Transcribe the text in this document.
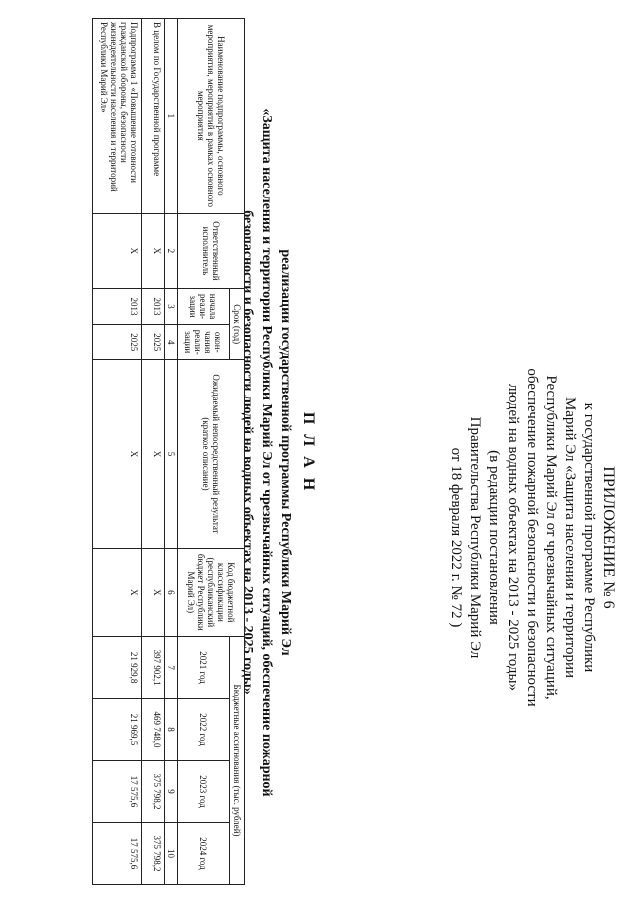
ПРИЛОЖЕНИЕ № 6
к государственной программе Республики
Марий Эл «Защита населения и территории
Республики Марий Эл от чрезвычайных ситуаций,
обеспечение пожарной безопасности и безопасности
людей на водных объектах на 2013 - 2025 годы»
(в редакции постановления
Правительства Республики Марий Эл
от 18 февраля 2022 г. № 72 )
П Л А Н
реализации государственной программы Республики Марий Эл
«Защита населения и территории Республики Марий Эл от чрезвычайных ситуаций, обеспечение пожарной
безопасности и безопасности людей на водных объектах на 2013 - 2025 годы»
Наименование подпрограммы, основного мероприятия, мероприятий в рамках основного мероприятия	Ответственный исполнитель	Срок (год)		Ожидаемый непосредственный результат (краткое описание)	Код бюджетной классификации (республиканский бюджет Республики Марий Эл)	Бюджетные ассигнования (тыс. рублей)			
		начала реали-зации	окон-чания реали-зации			2021 год	2022 год	2023 год	2024 год
1	2	3	4	5	6	7	8	9	10
В целом по Государственной программе	X	2013	2025	X	X	397 902,1	469 748,0	375 798,2	375 798,2
Подпрограмма 1 «Повышение готовности гражданской обороны, безопасности жизнедеятельности населения и территорий Республики Марий Эл»	X	2013	2025	X	X	21 929,8	21 969,5	17 575,6	17 575,6
